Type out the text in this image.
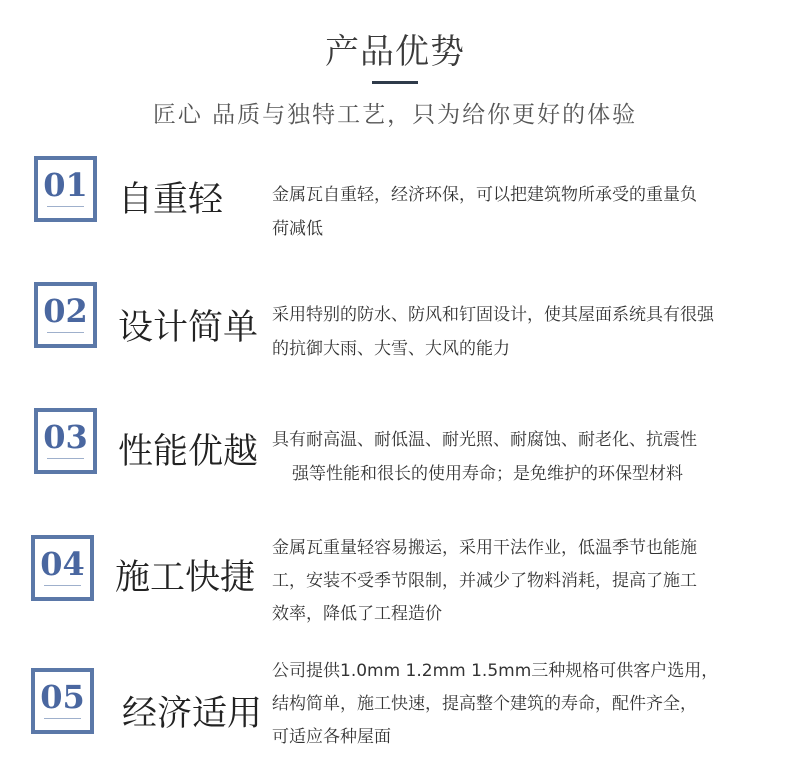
产品优势
匠心 品质与独特工艺，只为给你更好的体验
01 自重轻	金属瓦自重轻，经济环保，可以把建筑物所承受的重量负
荷减低
02 设计简单 采用特别的防水、防风和钉固设计，使其屋面系统具有很强
的抗御大雨、大雪、大风的能力
03 性能优越 具有耐高温、耐低温、耐光照、耐腐蚀、耐老化、抗震性
强等性能和很长的使用寿命；是免维护的环保型材料
04 施工快捷
金属瓦重量轻容易搬运，采用干法作业，低温季节也能施
工，安装不受季节限制，并减少了物料消耗，提高了施工
效率，降低了工程造价
05 经济适用
公司提供1.0mm 1.2mm 1.5mm三种规格可供客户选用，
结构简单，施工快速，提高整个建筑的寿命，配件齐全，
可适应各种屋面
